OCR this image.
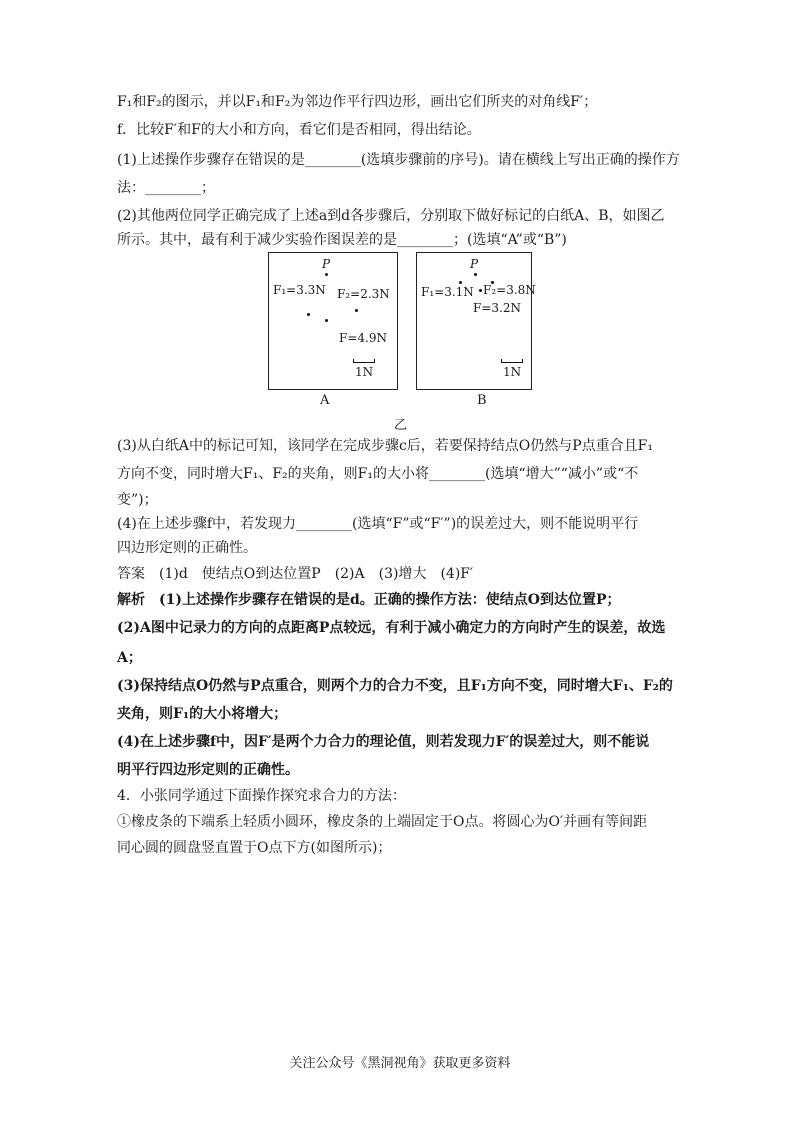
F₁和F₂的图示，并以F₁和F₂为邻边作平行四边形，画出它们所夹的对角线F′；
f．比较F′和F的大小和方向，看它们是否相同，得出结论。
(1)上述操作步骤存在错误的是________(选填步骤前的序号)。请在横线上写出正确的操作方
法：________；
(2)其他两位同学正确完成了上述a到d各步骤后，分别取下做好标记的白纸A、B，如图乙
所示。其中，最有利于减少实验作图误差的是________；(选填“A”或“B”)
P
F₁=3.3N F₂=2.3N
F=4.9N
1N
A
P
F₁=3.1N F₂=3.8N
F=3.2N
1N
B
乙
(3)从白纸A中的标记可知，该同学在完成步骤c后，若要保持结点O仍然与P点重合且F₁
方向不变，同时增大F₁、F₂的夹角，则F₁的大小将________(选填“增大”“减小”或“不
变”)；
(4)在上述步骤f中，若发现力________(选填“F”或“F′”)的误差过大，则不能说明平行
四边形定则的正确性。
答案　(1)d　使结点O到达位置P　(2)A　(3)增大　(4)F′
解析　(1)上述操作步骤存在错误的是d。正确的操作方法：使结点O到达位置P；
(2)A图中记录力的方向的点距离P点较远，有利于减小确定力的方向时产生的误差，故选
A；
(3)保持结点O仍然与P点重合，则两个力的合力不变，且F₁方向不变，同时增大F₁、F₂的
夹角，则F₁的大小将增大；
(4)在上述步骤f中，因F′是两个力合力的理论值，则若发现力F′的误差过大，则不能说
明平行四边形定则的正确性。
4．小张同学通过下面操作探究求合力的方法：
①橡皮条的下端系上轻质小圆环，橡皮条的上端固定于O点。将圆心为O′并画有等间距
同心圆的圆盘竖直置于O点下方(如图所示)；
关注公众号《黑洞视角》获取更多资料
